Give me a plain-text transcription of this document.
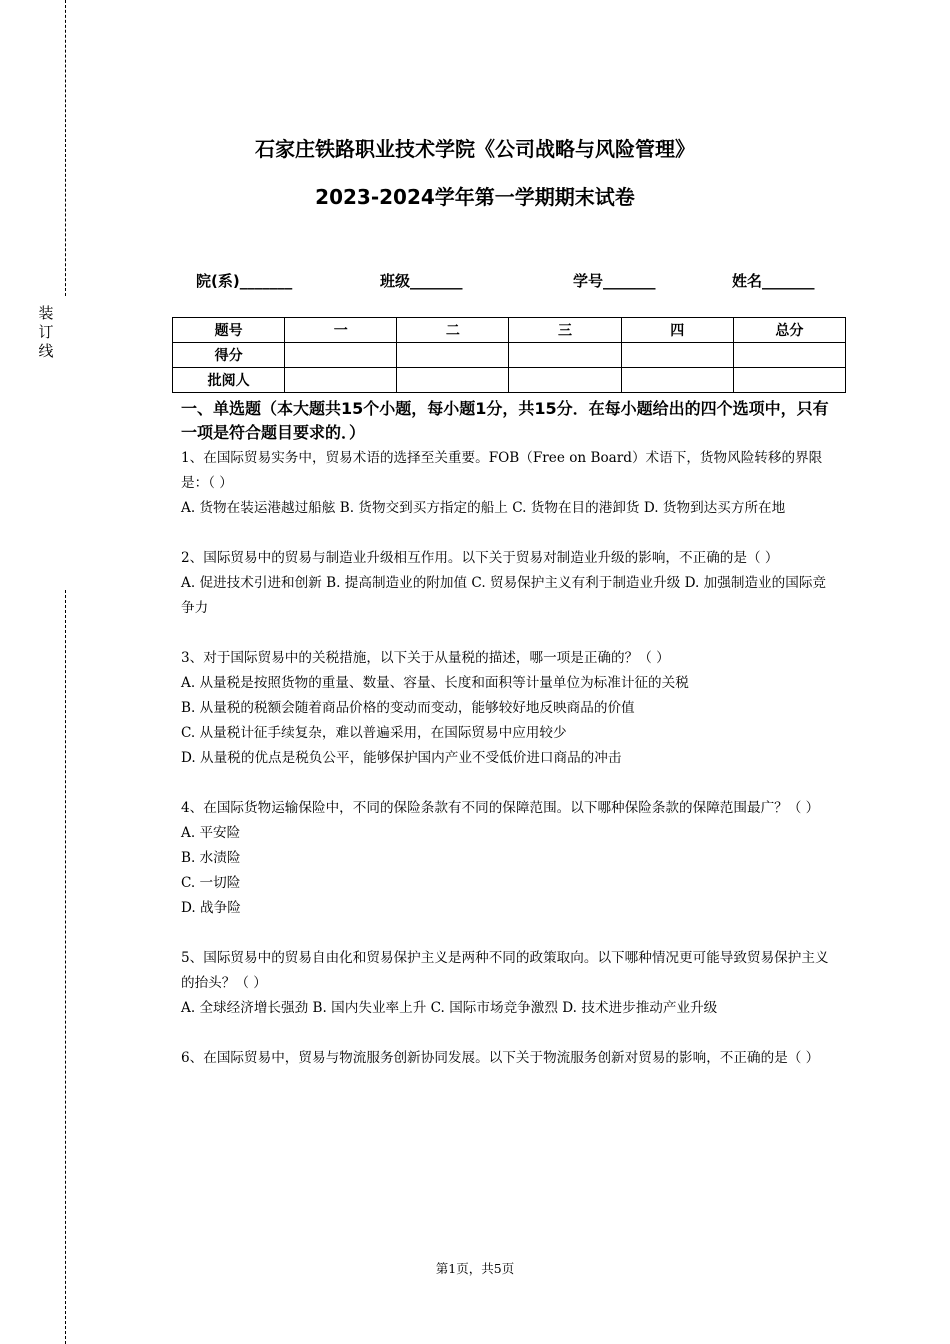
装订线
石家庄铁路职业技术学院《公司战略与风险管理》
2023-2024学年第一学期期末试卷
院(系)_______	班级_______	学号_______	姓名_______
题号	一	二	三	四	总分
得分					
批阅人					
一、单选题（本大题共15个小题，每小题1分，共15分．在每小题给出的四个选项中，只有一项是符合题目要求的．）

1、在国际贸易实务中，贸易术语的选择至关重要。FOB（Free on Board）术语下，货物风险转移的界限是：（ ）

A. 货物在装运港越过船舷 B. 货物交到买方指定的船上 C. 货物在目的港卸货 D. 货物到达买方所在地

2、国际贸易中的贸易与制造业升级相互作用。以下关于贸易对制造业升级的影响，不正确的是（ ）

A. 促进技术引进和创新 B. 提高制造业的附加值 C. 贸易保护主义有利于制造业升级 D. 加强制造业的国际竞争力

3、对于国际贸易中的关税措施，以下关于从量税的描述，哪一项是正确的？（ ）

A. 从量税是按照货物的重量、数量、容量、长度和面积等计量单位为标准计征的关税

B. 从量税的税额会随着商品价格的变动而变动，能够较好地反映商品的价值

C. 从量税计征手续复杂，难以普遍采用，在国际贸易中应用较少

D. 从量税的优点是税负公平，能够保护国内产业不受低价进口商品的冲击

4、在国际货物运输保险中，不同的保险条款有不同的保障范围。以下哪种保险条款的保障范围最广？（ ）

A. 平安险

B. 水渍险

C. 一切险

D. 战争险

5、国际贸易中的贸易自由化和贸易保护主义是两种不同的政策取向。以下哪种情况更可能导致贸易保护主义的抬头？（ ）

A. 全球经济增长强劲 B. 国内失业率上升 C. 国际市场竞争激烈 D. 技术进步推动产业升级

6、在国际贸易中，贸易与物流服务创新协同发展。以下关于物流服务创新对贸易的影响，不正确的是（ ）

第1页，共5页
